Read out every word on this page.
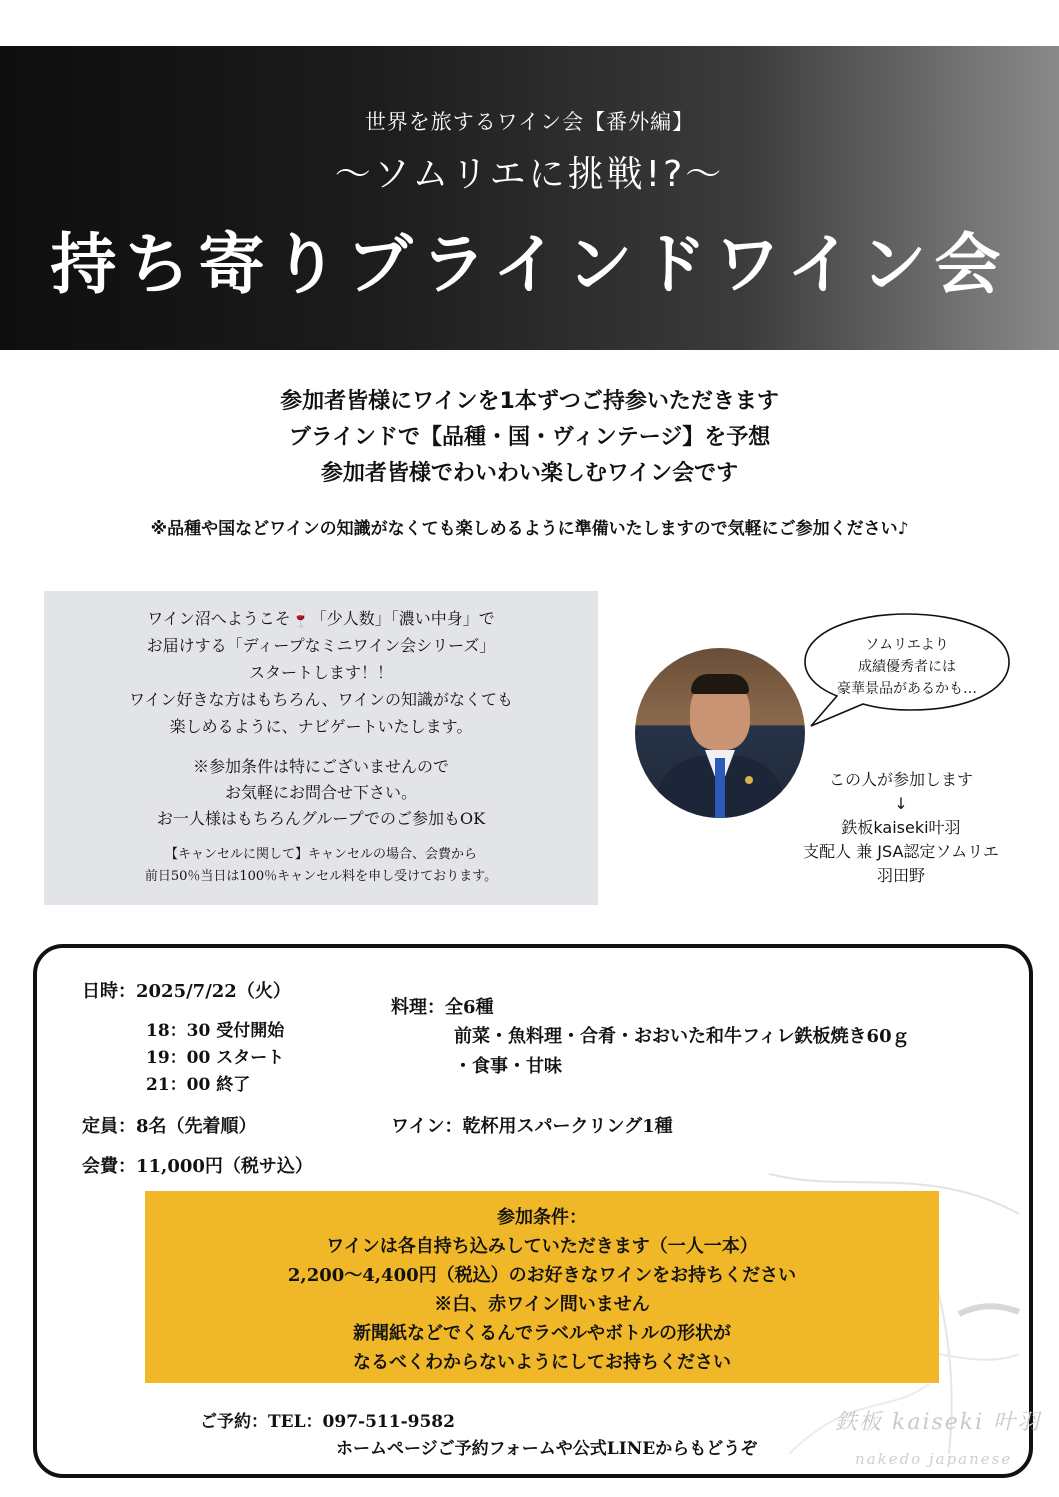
世界を旅するワイン会【番外編】
〜ソムリエに挑戦!?〜
持ち寄りブラインドワイン会
参加者皆様にワインを1本ずつご持参いただきます
ブラインドで【品種・国・ヴィンテージ】を予想
参加者皆様でわいわい楽しむワイン会です
※品種や国などワインの知識がなくても楽しめるように準備いたしますので気軽にご参加ください♪
ワイン沼へようこそ🍷「少人数」「濃い中身」で
お届けする「ディープなミニワイン会シリーズ」
スタートします！！
ワイン好きな方はもちろん、ワインの知識がなくても
楽しめるように、ナビゲートいたします。
※参加条件は特にございませんので
お気軽にお問合せ下さい。
お一人様はもちろんグループでのご参加もOK
【キャンセルに関して】キャンセルの場合、会費から
前日50％当日は100％キャンセル料を申し受けております。
ソムリエより
成績優秀者には
豪華景品があるかも…
この人が参加します
↓
鉄板kaiseki叶羽
支配人 兼 JSA認定ソムリエ
羽田野
日時：2025/7/22（火）
18：30 受付開始
19：00 スタート
21：00 終了
定員：8名（先着順）
会費：11,000円（税サ込）
料理：全6種
前菜・魚料理・合肴・おおいた和牛フィレ鉄板焼き60ｇ
・食事・甘味
ワイン：乾杯用スパークリング1種
参加条件：
ワインは各自持ち込みしていただきます（一人一本）
2,200〜4,400円（税込）のお好きなワインをお持ちください
※白、赤ワイン問いません
新聞紙などでくるんでラベルやボトルの形状が
なるべくわからないようにしてお持ちください
ご予約：TEL：097-511-9582
ホームページご予約フォームや公式LINEからもどうぞ
鉄板 kaiseki 叶羽
nakedo japanese
